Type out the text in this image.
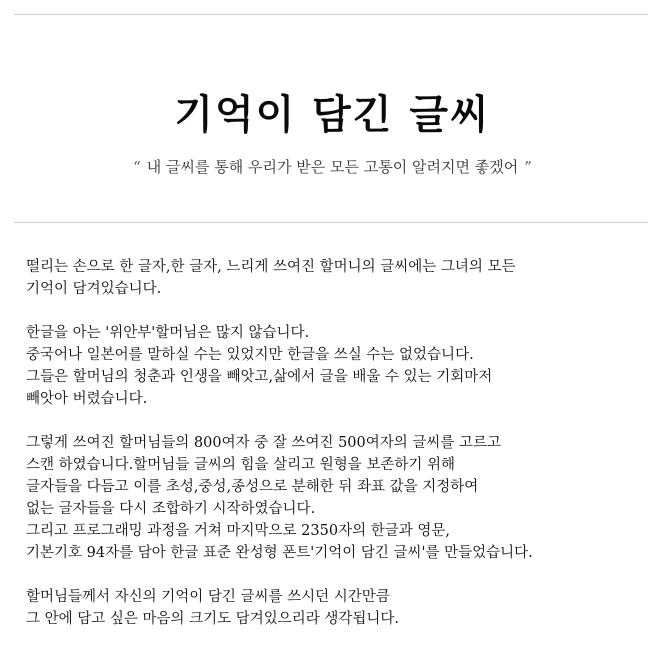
기억이 담긴 글씨
“ 내 글씨를 통해 우리가 받은 모든 고통이 알려지면 좋겠어 ”

떨리는 손으로 한 글자,한 글자, 느리게 쓰여진 할머니의 글씨에는 그녀의 모든
기억이 담겨있습니다.

한글을 아는 '위안부'할머님은 많지 않습니다.
중국어나 일본어를 말하실 수는 있었지만 한글을 쓰실 수는 없었습니다.
그들은 할머님의 청춘과 인생을 빼앗고,삶에서 글을 배울 수 있는 기회마저
빼앗아 버렸습니다.

그렇게 쓰여진 할머님들의 800여자 중 잘 쓰여진 500여자의 글씨를 고르고
스캔 하였습니다.할머님들 글씨의 힘을 살리고 원형을 보존하기 위해
글자들을 다듬고 이를 초성,중성,종성으로 분해한 뒤 좌표 값을 지정하여
없는 글자들을 다시 조합하기 시작하였습니다.
그리고 프로그래밍 과정을 거쳐 마지막으로 2350자의 한글과 영문,
기본기호 94자를 담아 한글 표준 완성형 폰트'기억이 담긴 글씨'를 만들었습니다.

할머님들께서 자신의 기억이 담긴 글씨를 쓰시던 시간만큼
그 안에 담고 싶은 마음의 크기도 담겨있으리라 생각됩니다.
